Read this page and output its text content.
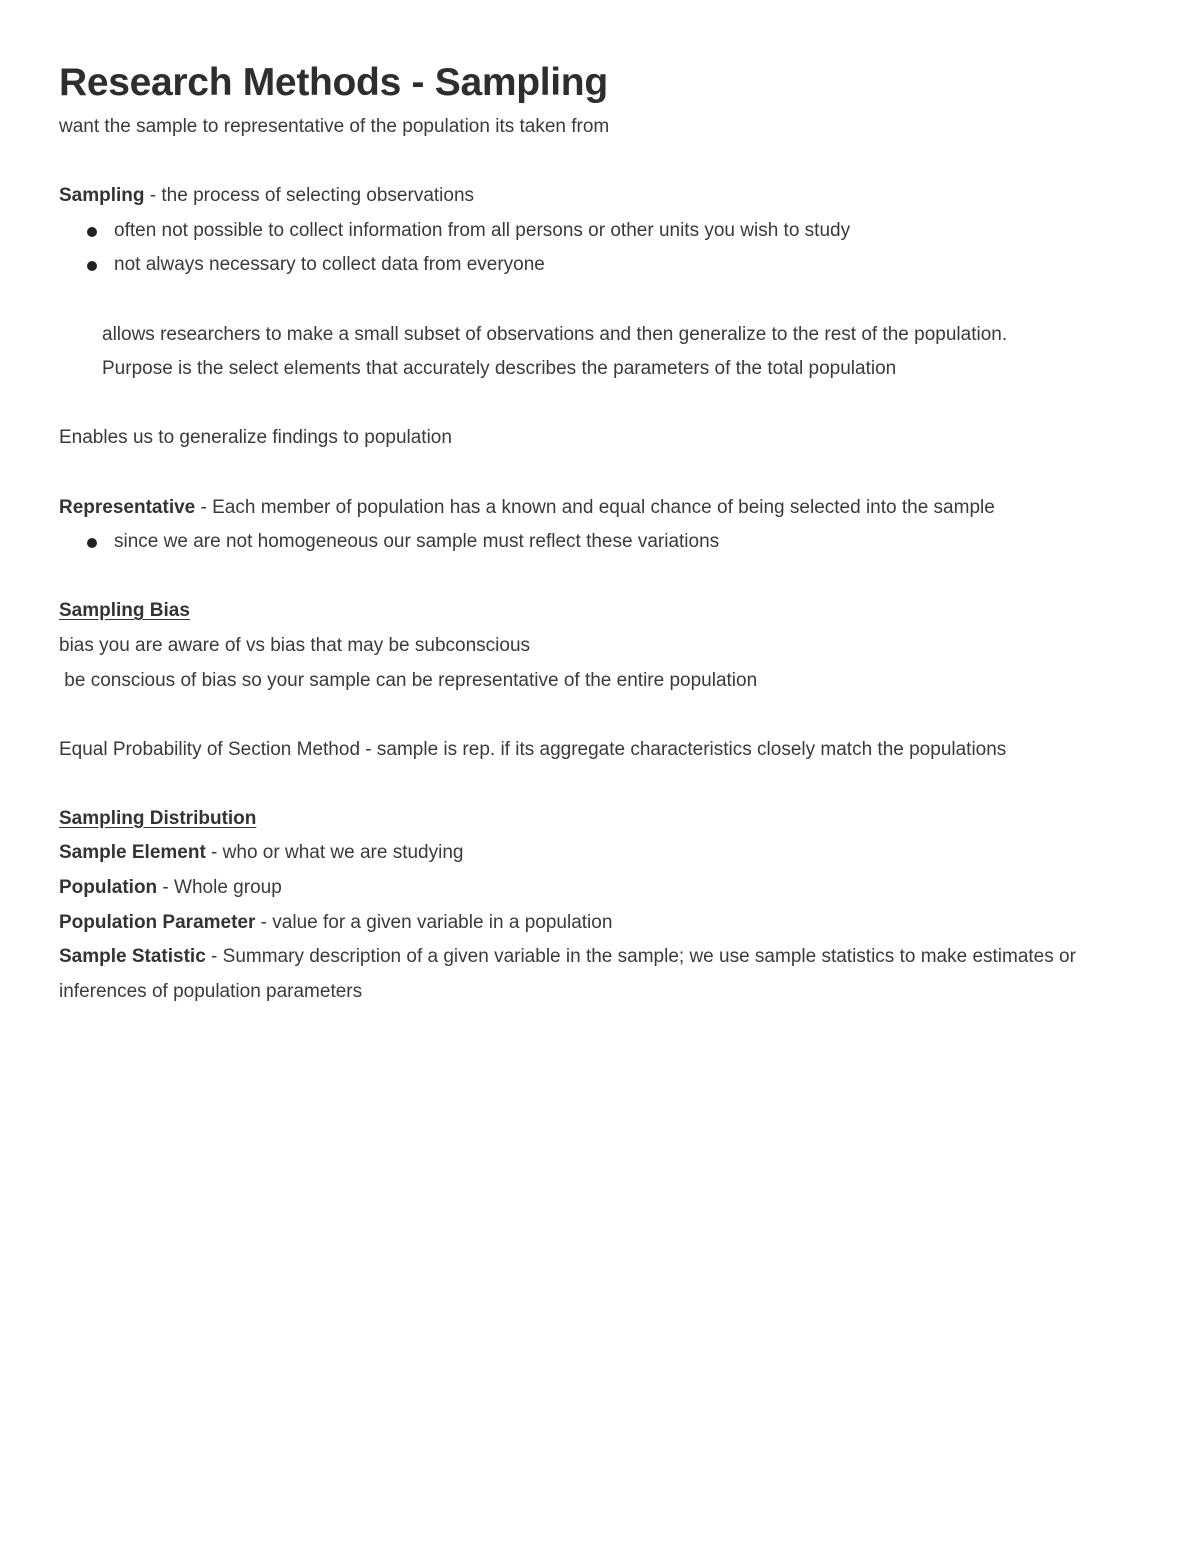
Research Methods - Sampling
want the sample to representative of the population its taken from
Sampling - the process of selecting observations
often not possible to collect information from all persons or other units you wish to study
not always necessary to collect data from everyone
allows researchers to make a small subset of observations and then generalize to the rest of the population.
Purpose is the select elements that accurately describes the parameters of the total population
Enables us to generalize findings to population
Representative - Each member of population has a known and equal chance of being selected into the sample
since we are not homogeneous our sample must reflect these variations
Sampling Bias
bias you are aware of vs bias that may be subconscious
be conscious of bias so your sample can be representative of the entire population
Equal Probability of Section Method - sample is rep. if its aggregate characteristics closely match the populations
Sampling Distribution
Sample Element - who or what we are studying
Population - Whole group
Population Parameter - value for a given variable in a population
Sample Statistic - Summary description of a given variable in the sample; we use sample statistics to make estimates or inferences of population parameters
